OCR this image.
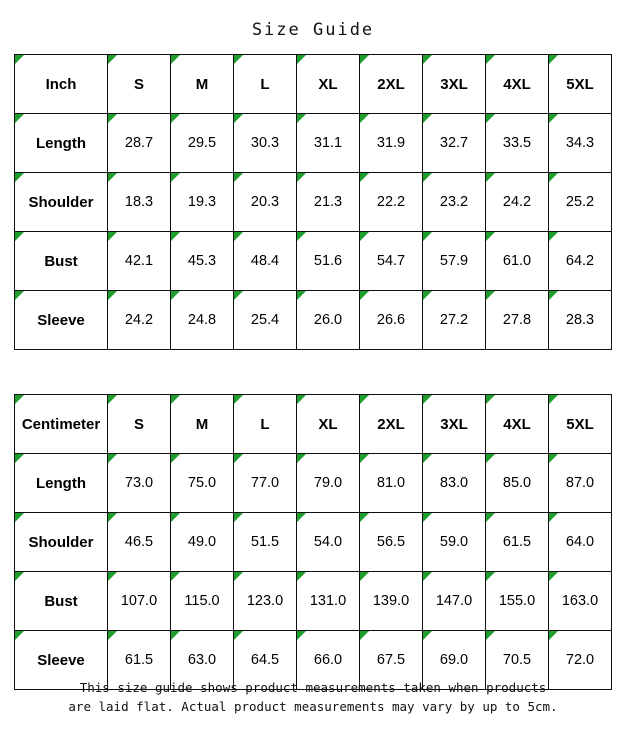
Size Guide
Inch	S	M	L	XL	2XL	3XL	4XL	5XL

Length	28.7	29.5	30.3	31.1	31.9	32.7	33.5	34.3

Shoulder	18.3	19.3	20.3	21.3	22.2	23.2	24.2	25.2

Bust	42.1	45.3	48.4	51.6	54.7	57.9	61.0	64.2

Sleeve	24.2	24.8	25.4	26.0	26.6	27.2	27.8	28.3
Centimeter	S	M	L	XL	2XL	3XL	4XL	5XL

Length	73.0	75.0	77.0	79.0	81.0	83.0	85.0	87.0

Shoulder	46.5	49.0	51.5	54.0	56.5	59.0	61.5	64.0

Bust	107.0	115.0	123.0	131.0	139.0	147.0	155.0	163.0

Sleeve	61.5	63.0	64.5	66.0	67.5	69.0	70.5	72.0
This size guide shows product measurements taken when products
are laid flat. Actual product measurements may vary by up to 5cm.
